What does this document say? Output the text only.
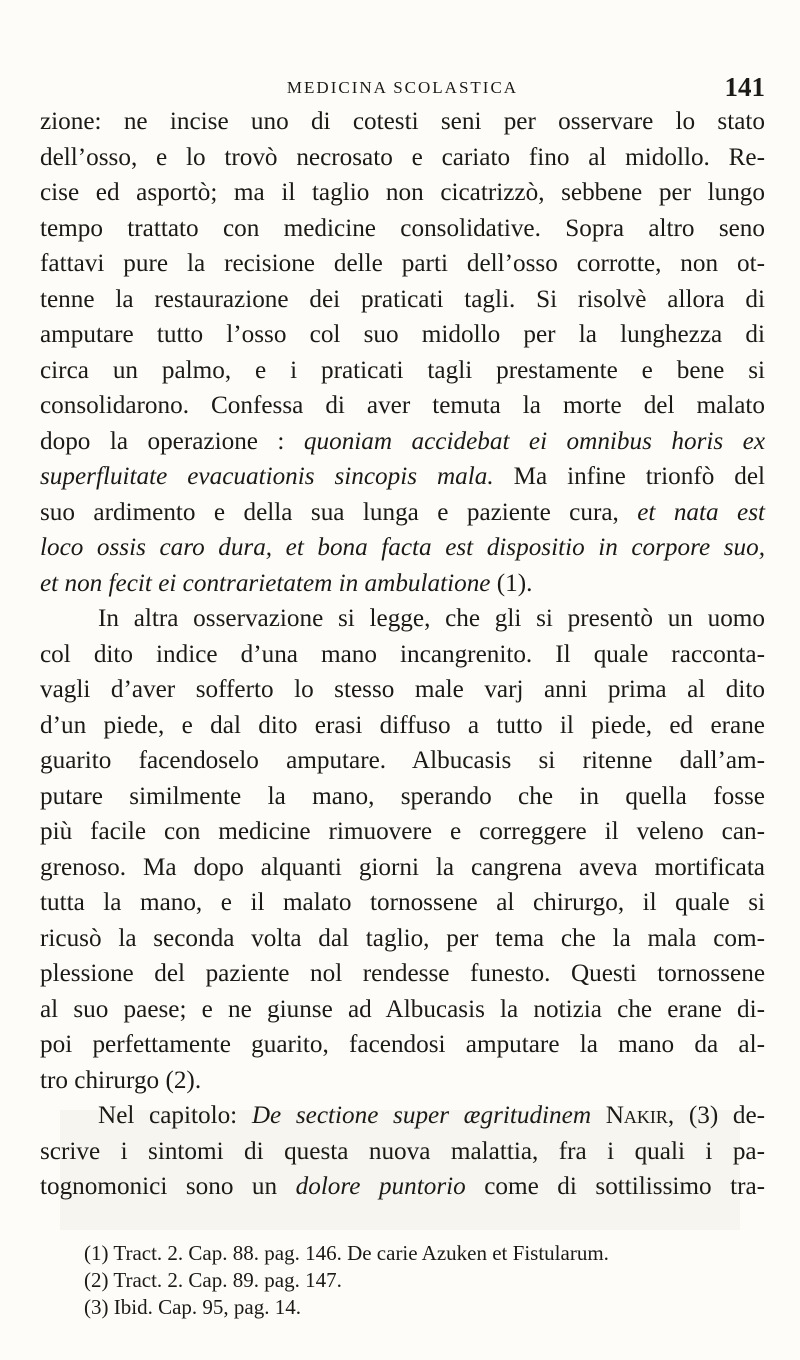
MEDICINA SCOLASTICA	141
zione: ne incise uno di cotesti seni per osservare lo stato
dell’osso, e lo trovò necrosato e cariato fino al midollo. Re-
cise ed asportò; ma il taglio non cicatrizzò, sebbene per lungo
tempo trattato con medicine consolidative. Sopra altro seno
fattavi pure la recisione delle parti dell’osso corrotte, non ot-
tenne la restaurazione dei praticati tagli. Si risolvè allora di
amputare tutto l’osso col suo midollo per la lunghezza di
circa un palmo, e i praticati tagli prestamente e bene si
consolidarono. Confessa di aver temuta la morte del malato
dopo la operazione : quoniam accidebat ei omnibus horis ex
superfluitate evacuationis sincopis mala. Ma infine trionfò del
suo ardimento e della sua lunga e paziente cura, et nata est
loco ossis caro dura, et bona facta est dispositio in corpore suo,
et non fecit ei contrarietatem in ambulatione (1).
In altra osservazione si legge, che gli si presentò un uomo
col dito indice d’una mano incangrenito. Il quale racconta-
vagli d’aver sofferto lo stesso male varj anni prima al dito
d’un piede, e dal dito erasi diffuso a tutto il piede, ed erane
guarito facendoselo amputare. Albucasis si ritenne dall’am-
putare similmente la mano, sperando che in quella fosse
più facile con medicine rimuovere e correggere il veleno can-
grenoso. Ma dopo alquanti giorni la cangrena aveva mortificata
tutta la mano, e il malato tornossene al chirurgo, il quale si
ricusò la seconda volta dal taglio, per tema che la mala com-
plessione del paziente nol rendesse funesto. Questi tornossene
al suo paese; e ne giunse ad Albucasis la notizia che erane di-
poi perfettamente guarito, facendosi amputare la mano da al-
tro chirurgo (2).
Nel capitolo: De sectione super ægritudinem Nakir, (3) de-
scrive i sintomi di questa nuova malattia, fra i quali i pa-
tognomonici sono un dolore puntorio come di sottilissimo tra-
(1) Tract. 2. Cap. 88. pag. 146. De carie Azuken et Fistularum.
(2) Tract. 2. Cap. 89. pag. 147.
(3) Ibid. Cap. 95, pag. 14.
